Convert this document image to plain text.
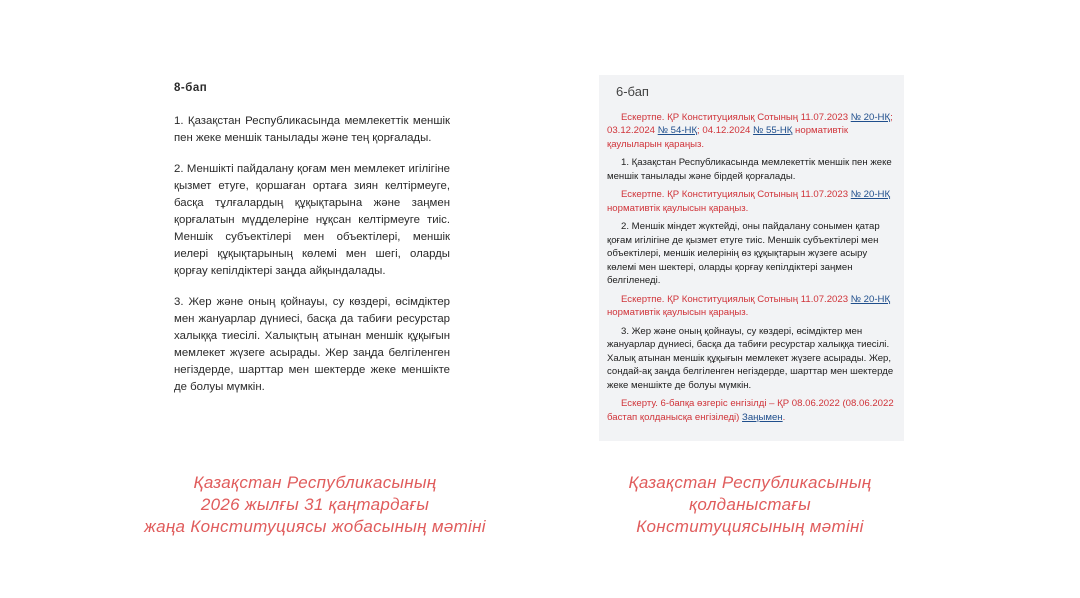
8-бап

1. Қазақстан Республикасында мемлекеттік меншік пен жеке меншік танылады және тең қорғалады.

2. Меншікті пайдалану қоғам мен мемлекет игілігіне қызмет етуге, қоршаған ортаға зиян келтірмеуге, басқа тұлғалардың құқықтарына және заңмен қорғалатын мүдделеріне нұқсан келтірмеуге тиіс. Меншік субъектілері мен объектілері, меншік иелері құқықтарының көлемі мен шегі, оларды қорғау кепілдіктері заңда айқындалады.

3. Жер және оның қойнауы, су көздері, өсімдіктер мен жануарлар дүниесі, басқа да табиғи ресурстар халыққа тиесілі. Халықтың атынан меншік құқығын мемлекет жүзеге асырады. Жер заңда белгіленген негіздерде, шарттар мен шектерде жеке меншікте де болуы мүмкін.

6-бап

Ескертпе. ҚР Конституциялық Сотының 11.07.2023 № 20-НҚ; 03.12.2024 № 54-НҚ; 04.12.2024 № 55-НҚ нормативтік қаулыларын қараңыз.

1. Қазақстан Республикасында мемлекеттік меншік пен жеке меншік танылады және бірдей қорғалады.

Ескертпе. ҚР Конституциялық Сотының 11.07.2023 № 20-НҚ нормативтік қаулысын қараңыз.

2. Меншік міндет жүктейді, оны пайдалану сонымен қатар қоғам игілігіне де қызмет етуге тиіс. Меншік субъектілері мен объектілері, меншік иелерінің өз құқықтарын жүзеге асыру көлемі мен шектері, оларды қорғау кепілдіктері заңмен белгіленеді.

Ескертпе. ҚР Конституциялық Сотының 11.07.2023 № 20-НҚ нормативтік қаулысын қараңыз.

3. Жер және оның қойнауы, су көздері, өсімдіктер мен жануарлар дүниесі, басқа да табиғи ресурстар халыққа тиесілі. Халық атынан меншік құқығын мемлекет жүзеге асырады. Жер, сондай-ақ заңда белгіленген негіздерде, шарттар мен шектерде жеке меншікте де болуы мүмкін.

Ескерту. 6-бапқа өзгеріс енгізілді – ҚР 08.06.2022 (08.06.2022 бастап қолданысқа енгізіледі) Заңымен.

Қазақстан Республикасының
2026 жылғы 31 қаңтардағы
жаңа Конституциясы жобасының мәтіні
Қазақстан Республикасының
қолданыстағы
Конституциясының мәтіні
